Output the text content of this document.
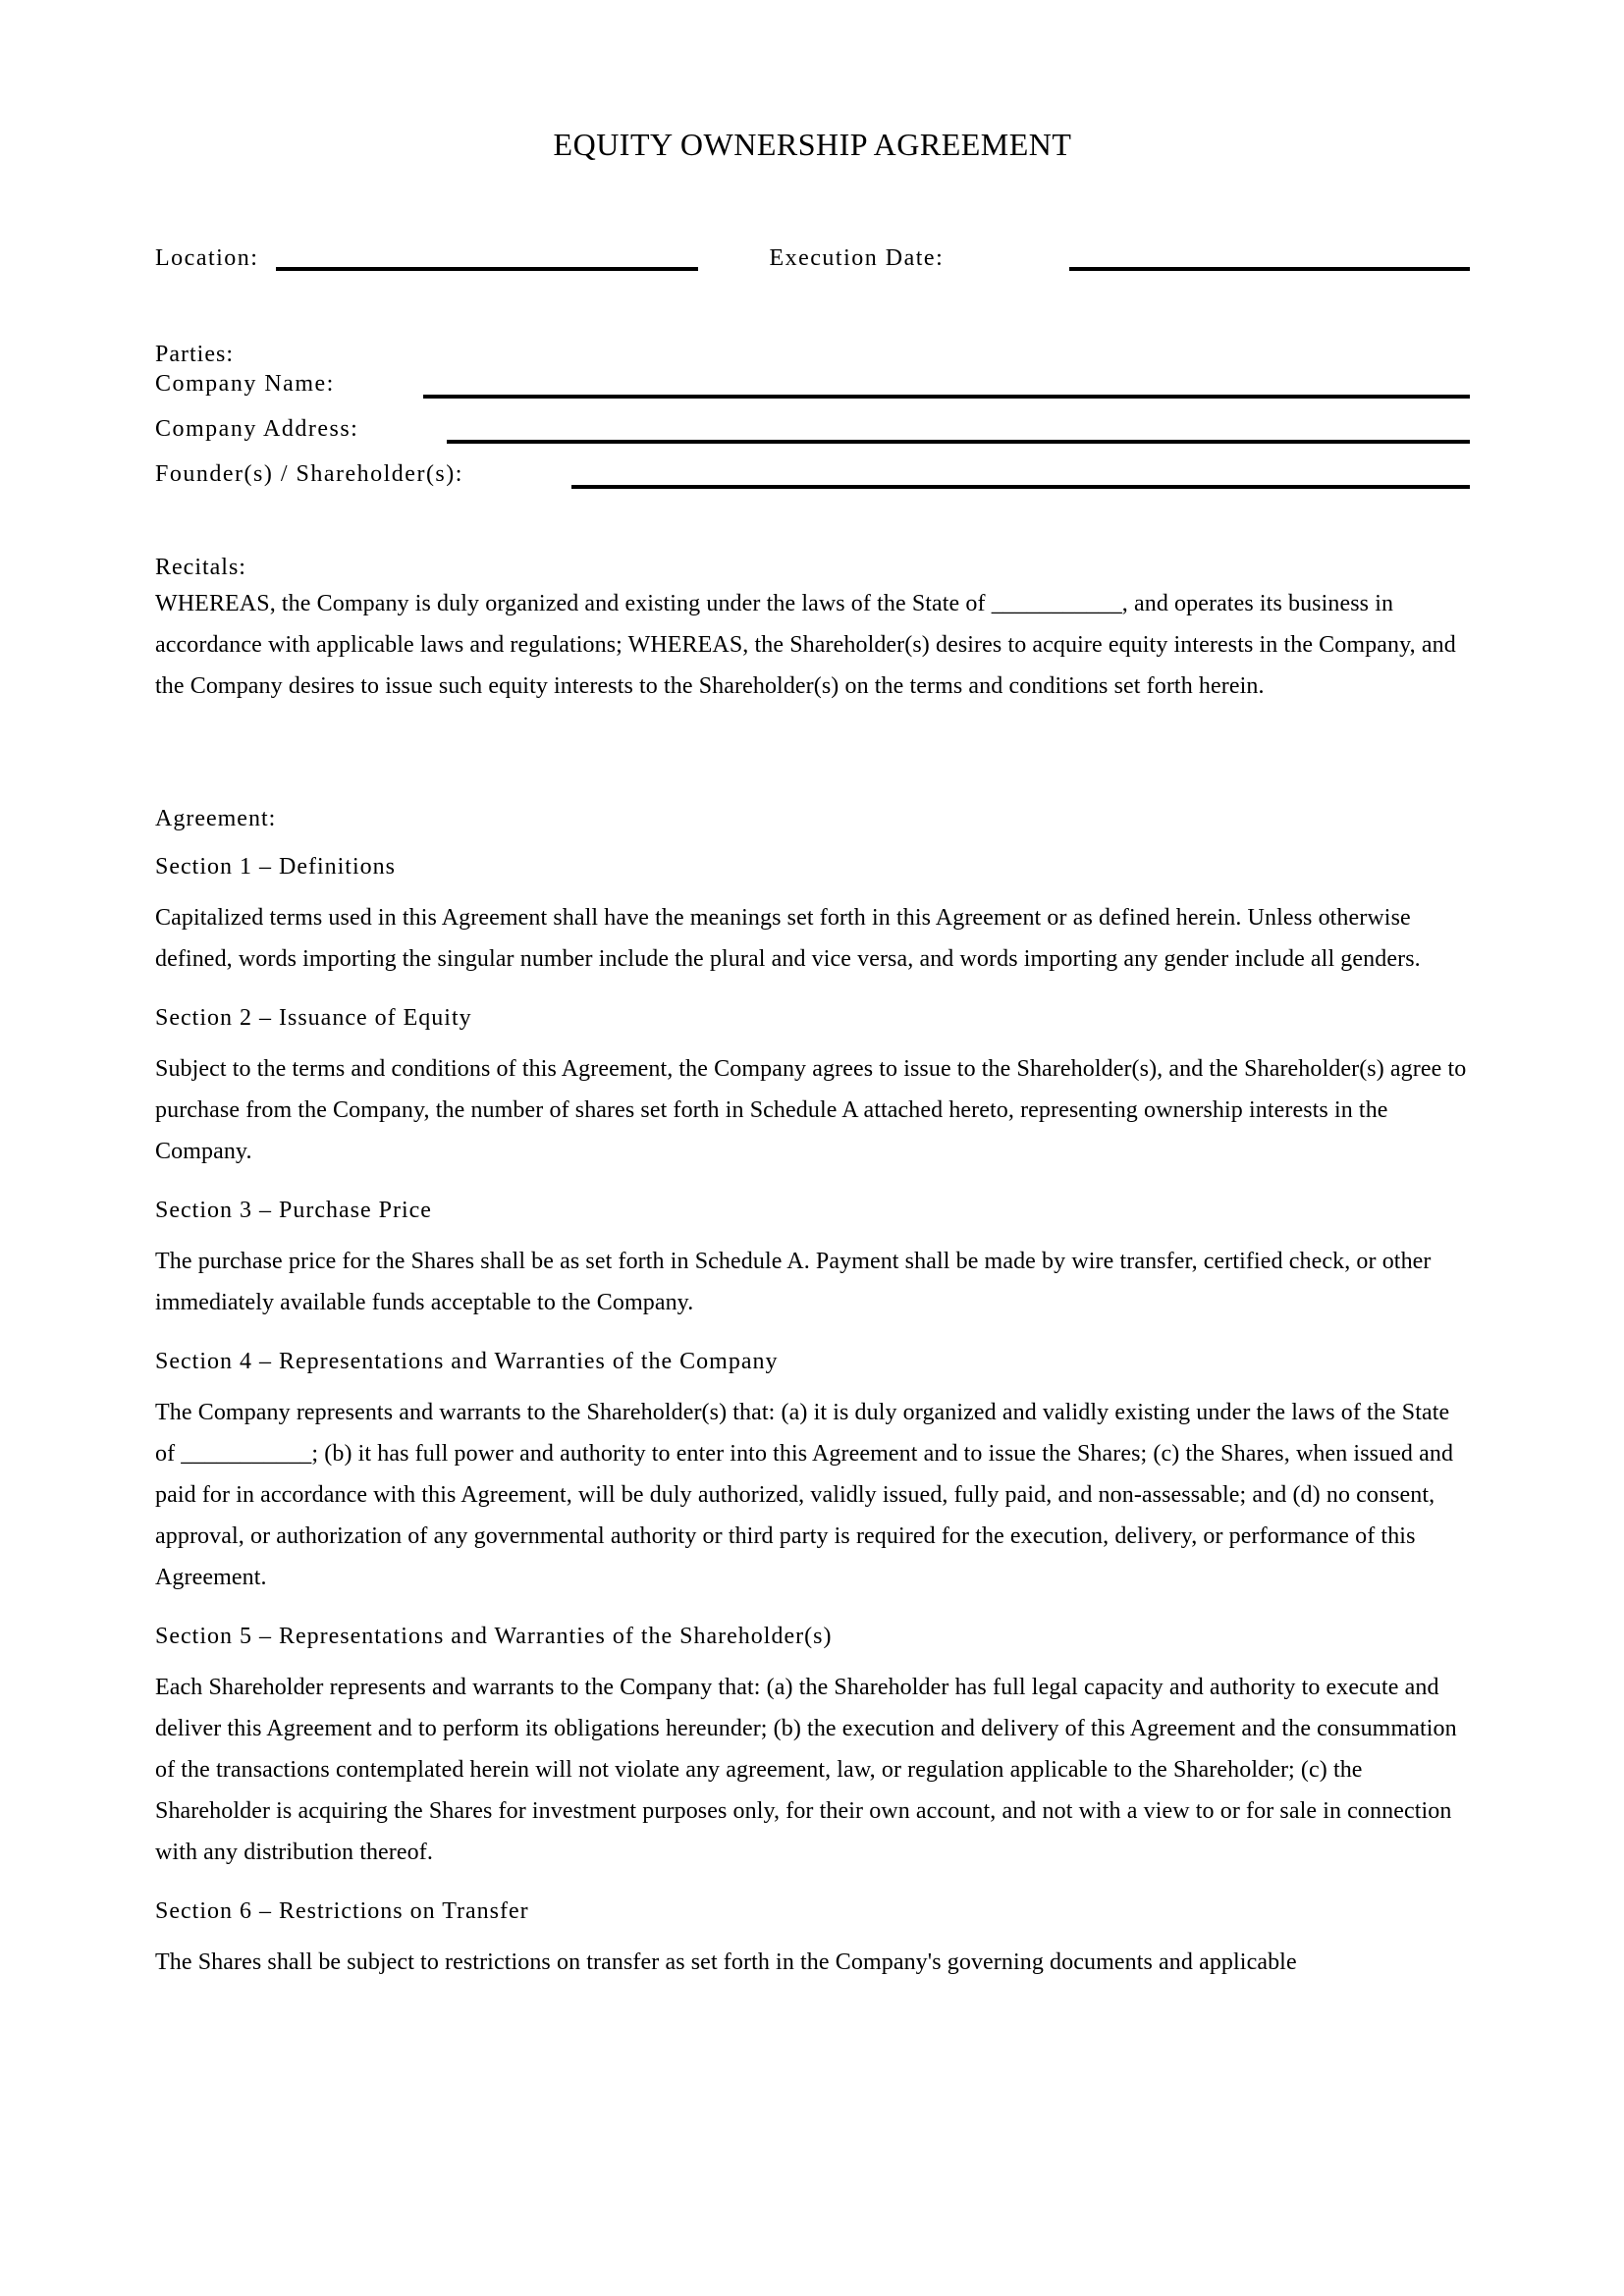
EQUITY OWNERSHIP AGREEMENT
Location:	Execution Date:
Parties:
Company Name:
Company Address:
Founder(s) / Shareholder(s):
Recitals:

WHEREAS, the Company is duly organized and existing under the laws of the State of ___________, and operates its business in accordance with applicable laws and regulations; WHEREAS, the Shareholder(s) desires to acquire equity interests in the Company, and the Company desires to issue such equity interests to the Shareholder(s) on the terms and conditions set forth herein.

Agreement:
Section 1 – Definitions

Capitalized terms used in this Agreement shall have the meanings set forth in this Agreement or as defined herein. Unless otherwise defined, words importing the singular number include the plural and vice versa, and words importing any gender include all genders.

Section 2 – Issuance of Equity

Subject to the terms and conditions of this Agreement, the Company agrees to issue to the Shareholder(s), and the Shareholder(s) agree to purchase from the Company, the number of shares set forth in Schedule A attached hereto, representing ownership interests in the Company.

Section 3 – Purchase Price

The purchase price for the Shares shall be as set forth in Schedule A. Payment shall be made by wire transfer, certified check, or other immediately available funds acceptable to the Company.

Section 4 – Representations and Warranties of the Company

The Company represents and warrants to the Shareholder(s) that: (a) it is duly organized and validly existing under the laws of the State of ___________; (b) it has full power and authority to enter into this Agreement and to issue the Shares; (c) the Shares, when issued and paid for in accordance with this Agreement, will be duly authorized, validly issued, fully paid, and non-assessable; and (d) no consent, approval, or authorization of any governmental authority or third party is required for the execution, delivery, or performance of this Agreement.

Section 5 – Representations and Warranties of the Shareholder(s)

Each Shareholder represents and warrants to the Company that: (a) the Shareholder has full legal capacity and authority to execute and deliver this Agreement and to perform its obligations hereunder; (b) the execution and delivery of this Agreement and the consummation of the transactions contemplated herein will not violate any agreement, law, or regulation applicable to the Shareholder; (c) the Shareholder is acquiring the Shares for investment purposes only, for their own account, and not with a view to or for sale in connection with any distribution thereof.

Section 6 – Restrictions on Transfer

The Shares shall be subject to restrictions on transfer as set forth in the Company's governing documents and applicable
